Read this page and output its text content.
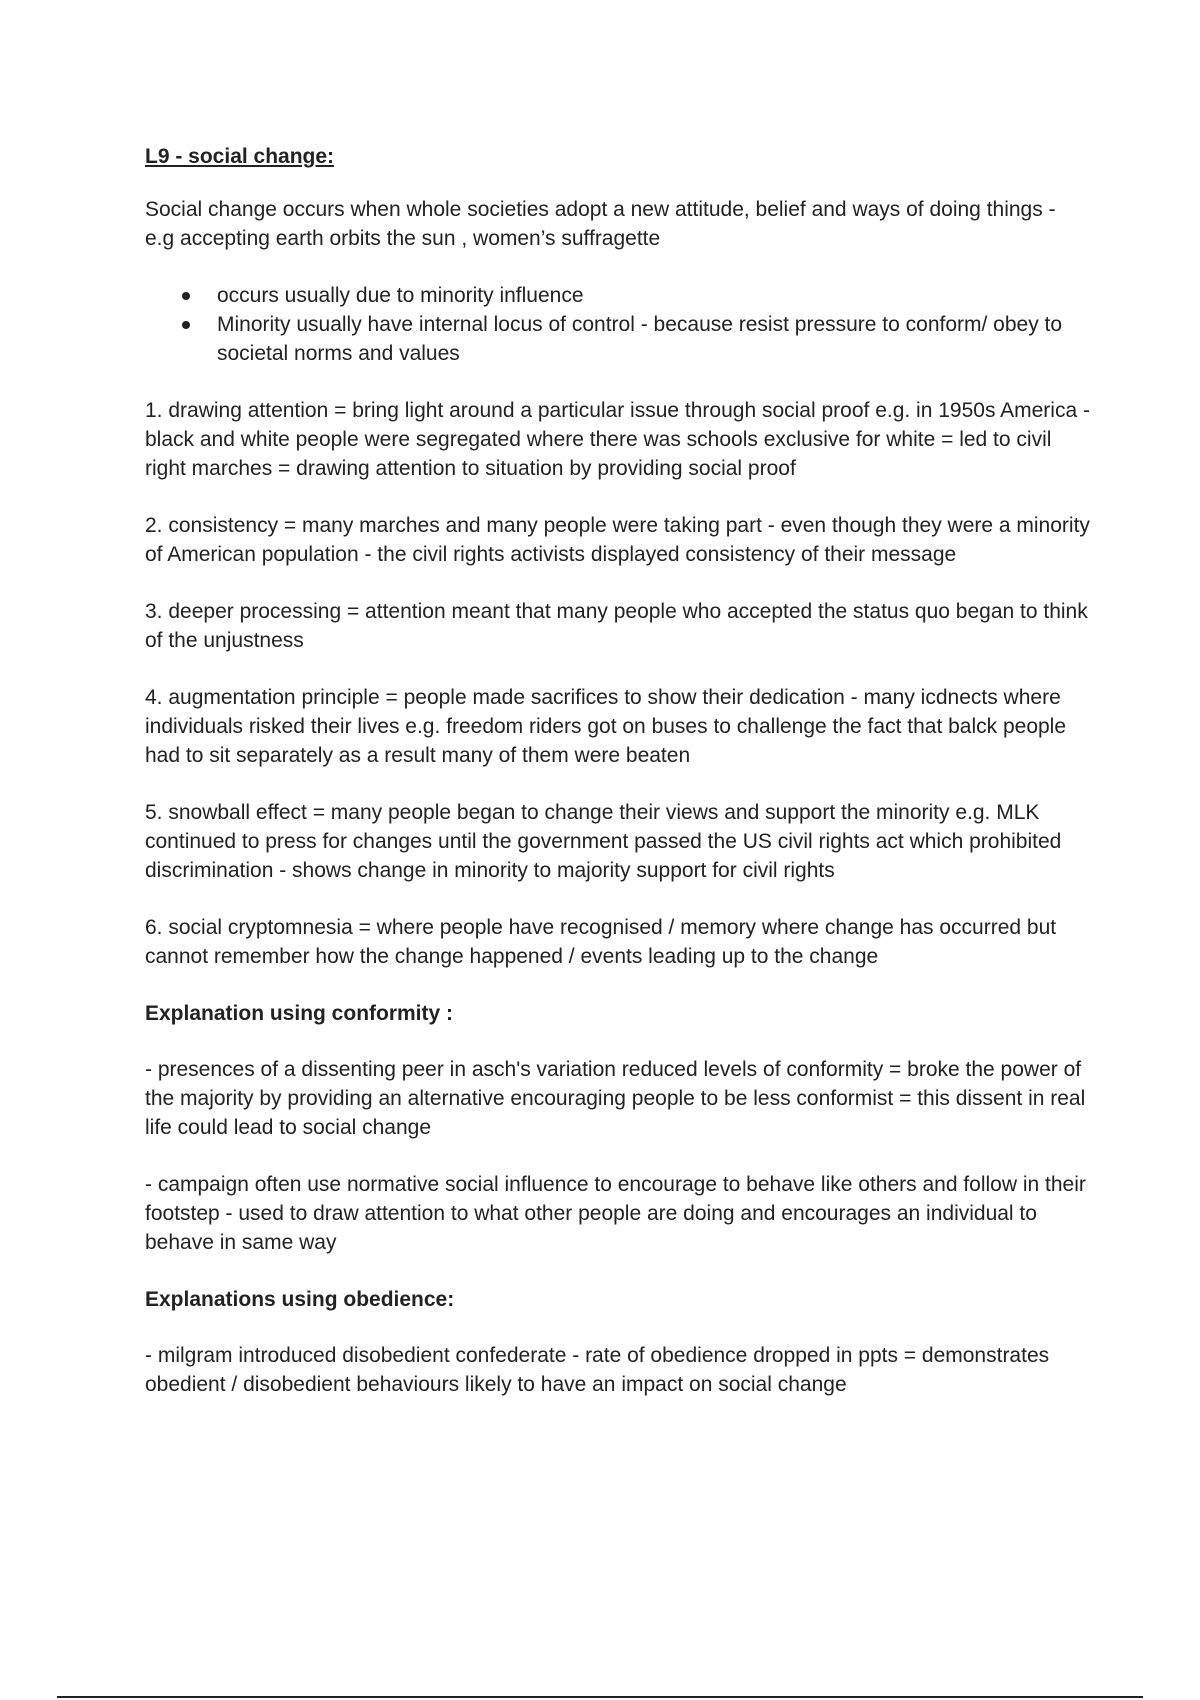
L9 - social change:
Social change occurs when whole societies adopt a new attitude, belief and ways of doing things - e.g accepting earth orbits the sun , women’s suffragette
occurs usually due to minority influence
Minority usually have internal locus of control - because resist pressure to conform/ obey to societal norms and values
1. drawing attention = bring light around a particular issue through social proof e.g. in 1950s America - black and white people were segregated where there was schools exclusive for white = led to civil right marches = drawing attention to situation by providing social proof
2. consistency = many marches and many people were taking part - even though they were a minority of American population - the civil rights activists displayed consistency of their message
3. deeper processing = attention meant that many people who accepted the status quo began to think of the unjustness
4. augmentation principle = people made sacrifices to show their dedication - many icdnects where individuals risked their lives e.g. freedom riders got on buses to challenge the fact that balck people had to sit separately as a result many of them were beaten
5. snowball effect = many people began to change their views and support the minority e.g. MLK continued to press for changes until the government passed the US civil rights act which prohibited discrimination - shows change in minority to majority support for civil rights
6. social cryptomnesia = where people have recognised / memory where change has occurred but cannot remember how the change happened / events leading up to the change
Explanation using conformity :
- presences of a dissenting peer in asch's variation reduced levels of conformity = broke the power of the majority by providing an alternative encouraging people to be less conformist = this dissent in real life could lead to social change
- campaign often use normative social influence to encourage to behave like others and follow in their footstep - used to draw attention to what other people are doing and encourages an individual to behave in same way
Explanations using obedience:
- milgram introduced disobedient confederate - rate of obedience dropped in ppts = demonstrates obedient / disobedient behaviours likely to have an impact on social change
